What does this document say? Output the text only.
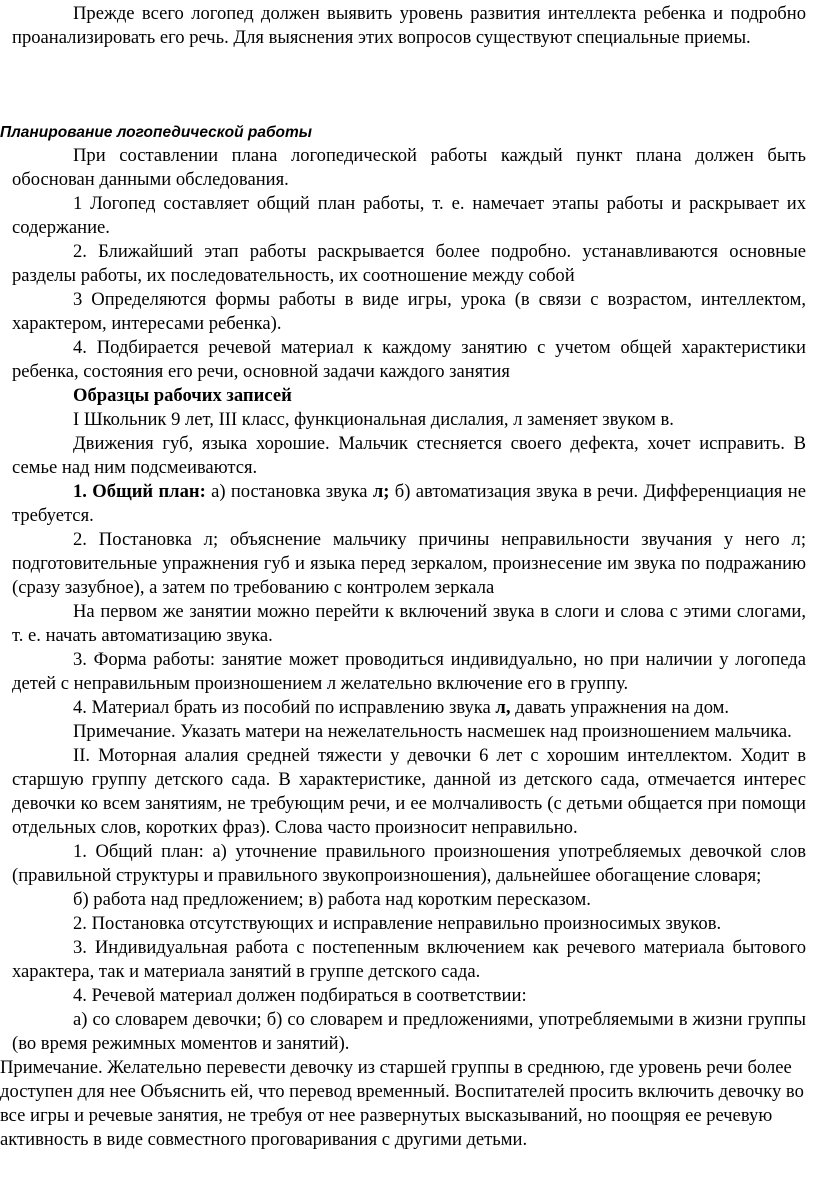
Прежде всего логопед должен выявить уровень развития интеллекта ребенка и подробно проанализировать его речь. Для выяснения этих вопросов существуют специальные приемы.

Планирование логопедической работы

При составлении плана логопедической работы каждый пункт плана должен быть обоснован данными обследования.

1 Логопед составляет общий план работы, т. е. намечает этапы работы и раскрывает их содержание.

2. Ближайший этап работы раскрывается более подробно. устанавливаются основные разделы работы, их последовательность, их соотношение между собой

3 Определяются формы работы в виде игры, урока (в связи с возрастом, интеллектом, характером, интересами ребенка).

4. Подбирается речевой материал к каждому занятию с учетом общей характеристики ребенка, состояния его речи, основной задачи каждого занятия

Образцы рабочих записей

I Школьник 9 лет, III класс, функциональная дислалия, л заменяет звуком в.

Движения губ, языка хорошие. Мальчик стесняется своего дефекта, хочет исправить. В семье над ним подсмеиваются.

1. Общий план: а) постановка звука л; б) автоматизация звука в речи. Дифференциация не требуется.

2. Постановка л; объяснение мальчику причины неправильности звучания у него л; подготовительные упражнения губ и языка перед зеркалом, произнесение им звука по подражанию (сразу зазубное), а затем по требованию с контролем зеркала

На первом же занятии можно перейти к включений звука в слоги и слова с этими слогами, т. е. начать автоматизацию звука.

3. Форма работы: занятие может проводиться индивидуально, но при наличии у логопеда детей с неправильным произношением л желательно включение его в группу.

4. Материал брать из пособий по исправлению звука л, давать упражнения на дом.

Примечание. Указать матери на нежелательность насмешек над произношением мальчика.

II. Моторная алалия средней тяжести у девочки 6 лет с хорошим интеллектом. Ходит в старшую группу детского сада. В характеристике, данной из детского сада, отмечается интерес девочки ко всем занятиям, не требующим речи, и ее молчаливость (с детьми общается при помощи отдельных слов, коротких фраз). Слова часто произносит неправильно.

1. Общий план: а) уточнение правильного произношения употребляемых девочкой слов (правильной структуры и правильного звукопроизношения), дальнейшее обогащение словаря;

б) работа над предложением; в) работа над коротким пересказом.

2. Постановка отсутствующих и исправление неправильно произносимых звуков.

3. Индивидуальная работа с постепенным включением как речевого материала бытового характера, так и материала занятий в группе детского сада.

4. Речевой материал должен подбираться в соответствии:

а) со словарем девочки; б) со словарем и предложениями, употребляемыми в жизни группы (во время режимных моментов и занятий).

Примечание. Желательно перевести девочку из старшей группы в среднюю, где уровень речи более доступен для нее Объяснить ей, что перевод временный. Воспитателей просить включить девочку во все игры и речевые занятия, не требуя от нее развернутых высказываний, но поощряя ее речевую активность в виде совместного проговаривания с другими детьми.
